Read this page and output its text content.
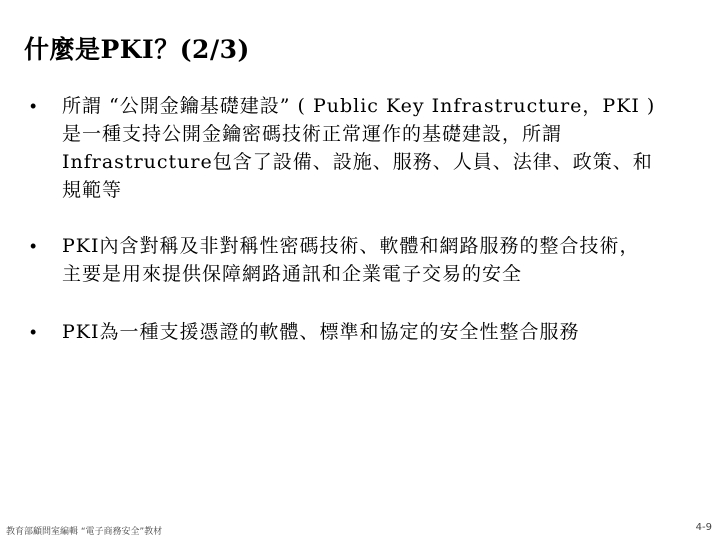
什麼是PKI？(2/3)
• 所謂 “公開金鑰基礎建設” ( Public Key Infrastructure，PKI ) 是一種支持公開金鑰密碼技術正常運作的基礎建設，所謂Infrastructure包含了設備、設施、服務、人員、法律、政策、和規範等
• PKI內含對稱及非對稱性密碼技術、軟體和網路服務的整合技術，主要是用來提供保障網路通訊和企業電子交易的安全
• PKI為一種支援憑證的軟體、標準和協定的安全性整合服務
教育部顧問室編輯 “電子商務安全”教材	4-9
